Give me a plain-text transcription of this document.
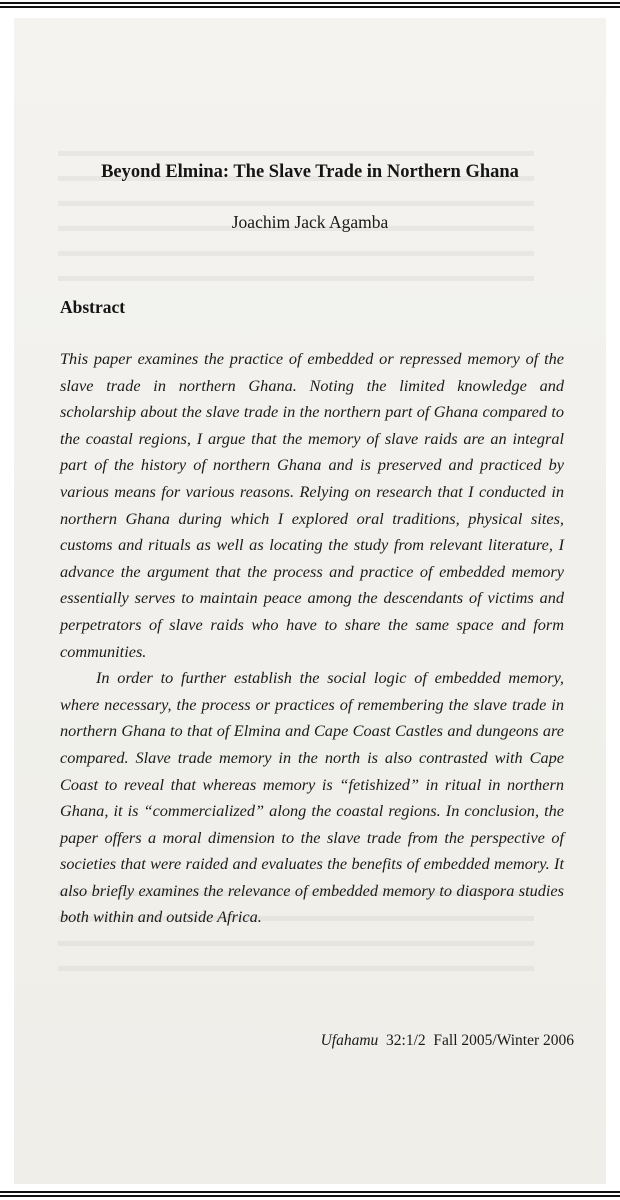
Beyond Elmina: The Slave Trade in Northern Ghana
Joachim Jack Agamba
Abstract

This paper examines the practice of embedded or repressed memory of the slave trade in northern Ghana. Noting the limited knowledge and scholarship about the slave trade in the northern part of Ghana compared to the coastal regions, I argue that the memory of slave raids are an integral part of the history of northern Ghana and is preserved and practiced by various means for various reasons. Relying on research that I conducted in northern Ghana during which I explored oral traditions, physical sites, customs and rituals as well as locating the study from relevant literature, I advance the argument that the process and practice of embedded memory essentially serves to maintain peace among the descendants of victims and perpetrators of slave raids who have to share the same space and form communities.

In order to further establish the social logic of embedded memory, where necessary, the process or practices of remembering the slave trade in northern Ghana to that of Elmina and Cape Coast Castles and dungeons are compared. Slave trade memory in the north is also contrasted with Cape Coast to reveal that whereas memory is “fetishized” in ritual in northern Ghana, it is “commercialized” along the coastal regions. In conclusion, the paper offers a moral dimension to the slave trade from the perspective of societies that were raided and evaluates the benefits of embedded memory. It also briefly examines the relevance of embedded memory to diaspora studies both within and outside Africa.

Ufahamu 32:1/2 Fall 2005/Winter 2006
